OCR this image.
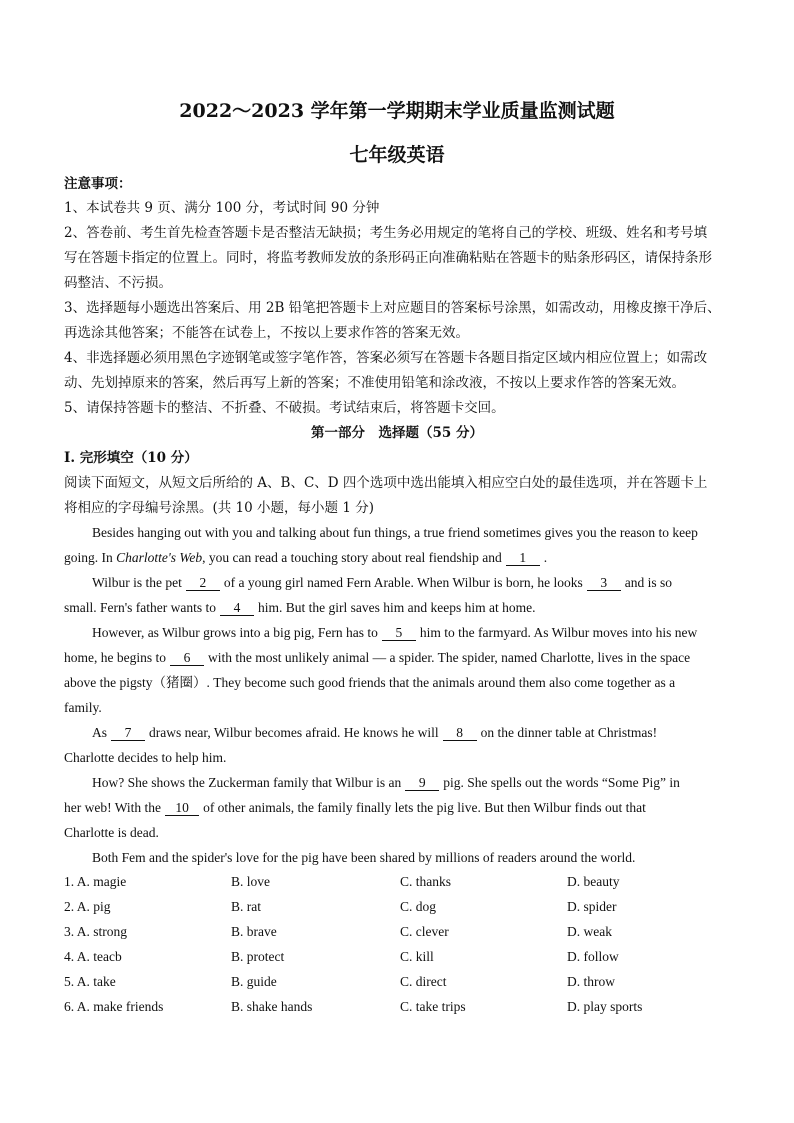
2022～2023 学年第一学期期末学业质量监测试题
七年级英语
注意事项：
1、本试卷共 9 页、满分 100 分，考试时间 90 分钟
2、答卷前、考生首先检查答题卡是否整洁无缺损；考生务必用规定的笔将自己的学校、班级、姓名和考号填
写在答题卡指定的位置上。同时，将监考教师发放的条形码正向准确粘贴在答题卡的贴条形码区，请保持条形
码整洁、不污损。
3、选择题每小题选出答案后、用 2B 铅笔把答题卡上对应题目的答案标号涂黑，如需改动，用橡皮擦干净后、
再选涂其他答案；不能答在试卷上，不按以上要求作答的答案无效。
4、非选择题必须用黑色字迹钢笔或签字笔作答，答案必须写在答题卡各题目指定区域内相应位置上；如需改
动、先划掉原来的答案，然后再写上新的答案；不准使用铅笔和涂改液，不按以上要求作答的答案无效。
5、请保持答题卡的整洁、不折叠、不破损。考试结束后，将答题卡交回。
第一部分　选择题（55 分）
Ⅰ. 完形填空（10 分）
阅读下面短文，从短文后所给的 A、B、C、D 四个选项中选出能填入相应空白处的最佳选项，并在答题卡上
将相应的字母编号涂黑。(共 10 小题，每小题 1 分)
Besides hanging out with you and talking about fun things, a true friend sometimes gives you the reason to keep
going. In Charlotte's Web, you can read a touching story about real fiendship and 1 .
Wilbur is the pet 2 of a young girl named Fern Arable. When Wilbur is born, he looks 3 and is so
small. Fern's father wants to 4 him. But the girl saves him and keeps him at home.
However, as Wilbur grows into a big pig, Fern has to 5 him to the farmyard. As Wilbur moves into his new
home, he begins to 6 with the most unlikely animal — a spider. The spider, named Charlotte, lives in the space
above the pigsty（猪圈）. They become such good friends that the animals around them also come together as a
family.
As 7 draws near, Wilbur becomes afraid. He knows he will 8 on the dinner table at Christmas!
Charlotte decides to help him.
How? She shows the Zuckerman family that Wilbur is an 9 pig. She spells out the words “Some Pig” in
her web! With the 10 of other animals, the family finally lets the pig live. But then Wilbur finds out that
Charlotte is dead.
Both Fem and the spider's love for the pig have been shared by millions of readers around the world.
1. A. magie	B. love	C. thanks	D. beauty
2. A. pig	B. rat	C. dog	D. spider
3. A. strong	B. brave	C. clever	D. weak
4. A. teacb	B. protect	C. kill	D. follow
5. A. take	B. guide	C. direct	D. throw
6. A. make friends	B. shake hands	C. take trips	D. play sports
